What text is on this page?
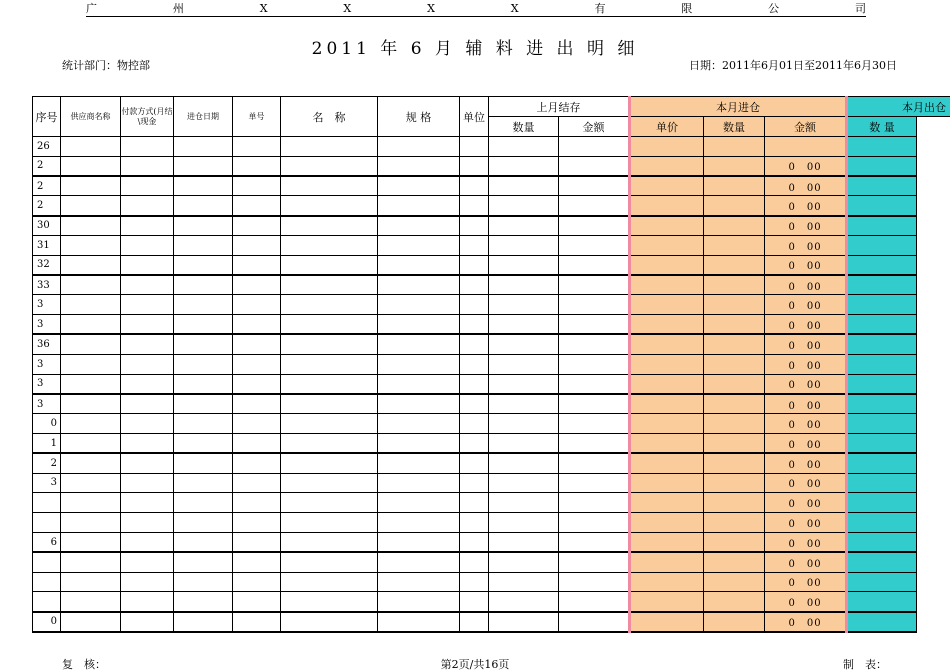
广	州	X	X	X	X	有	限	公	司
2011 年 6 月 辅 料 进 出 明 细
统计部门：物控部	日期：2011年6月01日至2011年6月30日
序号	供应商名称	付款方式(月结\现金	进仓日期	单号	名　称	规 格	单位	上月结存		本月进仓			本月出仓	
								数量	金额	单价	数量	金额	数 量	
26														
2												0　00		
2												0　00		
2												0　00		
30												0　00		
31												0　00		
32												0　00		
33												0　00		
3												0　00		
3												0　00		
36												0　00		
3												0　00		
3												0　00		
3												0　00		
0												0　00		
1												0　00		
2												0　00		
3												0　00		
												0　00		
												0　00		
6												0　00		
												0　00		
												0　00		
												0　00		
0												0　00		
复　核：	第2页/共16页	制　表：
